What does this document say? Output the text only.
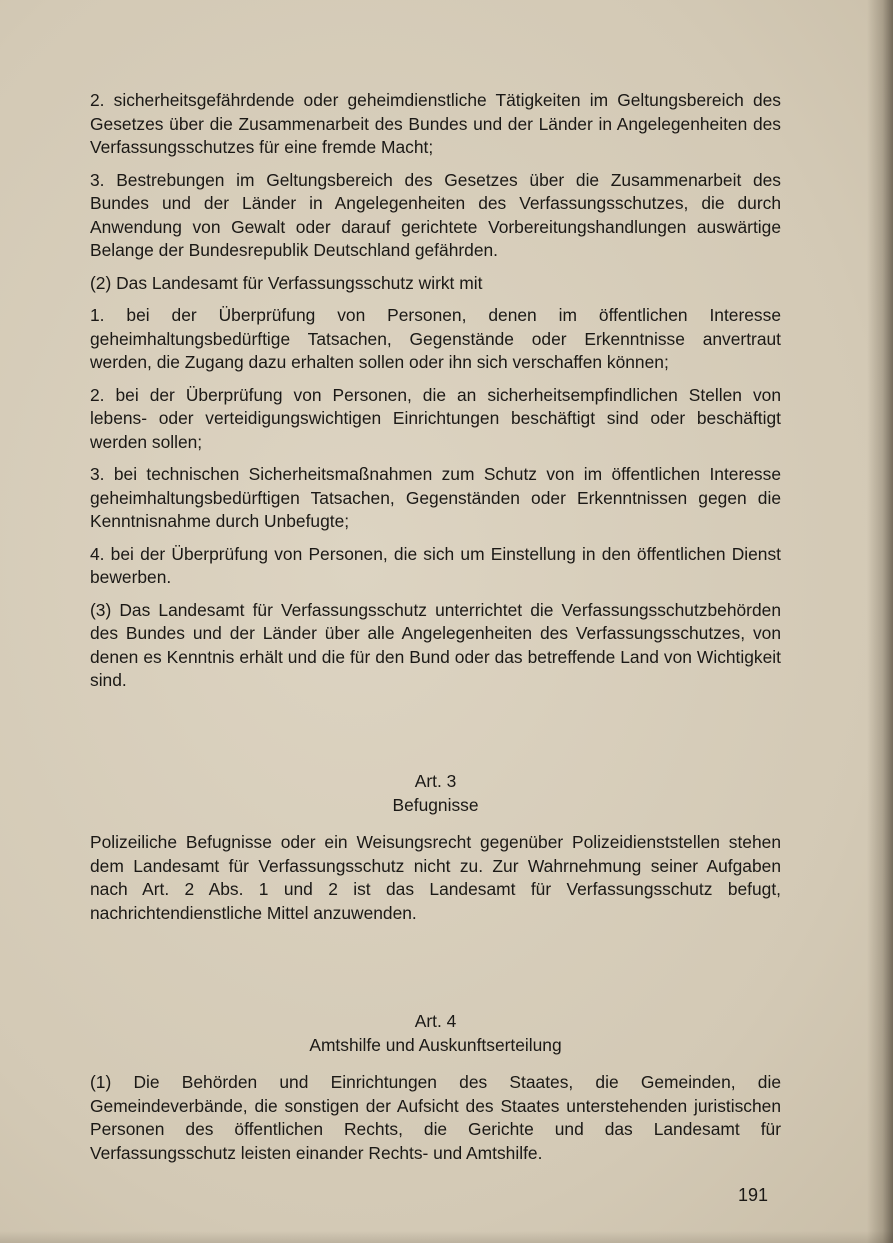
2. sicherheitsgefährdende oder geheimdienstliche Tätigkeiten im Geltungsbereich des Gesetzes über die Zusammenarbeit des Bundes und der Länder in Angelegenheiten des Verfassungsschutzes für eine fremde Macht;

3. Bestrebungen im Geltungsbereich des Gesetzes über die Zusammenarbeit des Bundes und der Länder in Angelegenheiten des Verfassungsschutzes, die durch Anwendung von Gewalt oder darauf gerichtete Vorbereitungshandlungen auswärtige Belange der Bundesrepublik Deutschland gefährden.

(2) Das Landesamt für Verfassungsschutz wirkt mit

1. bei der Überprüfung von Personen, denen im öffentlichen Interesse geheimhaltungsbedürftige Tatsachen, Gegenstände oder Erkenntnisse anvertraut werden, die Zugang dazu erhalten sollen oder ihn sich verschaffen können;

2. bei der Überprüfung von Personen, die an sicherheitsempfindlichen Stellen von lebens- oder verteidigungswichtigen Einrichtungen beschäftigt sind oder beschäftigt werden sollen;

3. bei technischen Sicherheitsmaßnahmen zum Schutz von im öffentlichen Interesse geheimhaltungsbedürftigen Tatsachen, Gegenständen oder Erkenntnissen gegen die Kenntnisnahme durch Unbefugte;

4. bei der Überprüfung von Personen, die sich um Einstellung in den öffentlichen Dienst bewerben.

(3) Das Landesamt für Verfassungsschutz unterrichtet die Verfassungsschutzbehörden des Bundes und der Länder über alle Angelegenheiten des Verfassungsschutzes, von denen es Kenntnis erhält und die für den Bund oder das betreffende Land von Wichtigkeit sind.

Art. 3
Befugnisse

Polizeiliche Befugnisse oder ein Weisungsrecht gegenüber Polizeidienststellen stehen dem Landesamt für Verfassungsschutz nicht zu. Zur Wahrnehmung seiner Aufgaben nach Art. 2 Abs. 1 und 2 ist das Landesamt für Verfassungsschutz befugt, nachrichtendienstliche Mittel anzuwenden.

Art. 4
Amtshilfe und Auskunftserteilung

(1) Die Behörden und Einrichtungen des Staates, die Gemeinden, die Gemeindeverbände, die sonstigen der Aufsicht des Staates unterstehenden juristischen Personen des öffentlichen Rechts, die Gerichte und das Landesamt für Verfassungsschutz leisten einander Rechts- und Amtshilfe.

191
